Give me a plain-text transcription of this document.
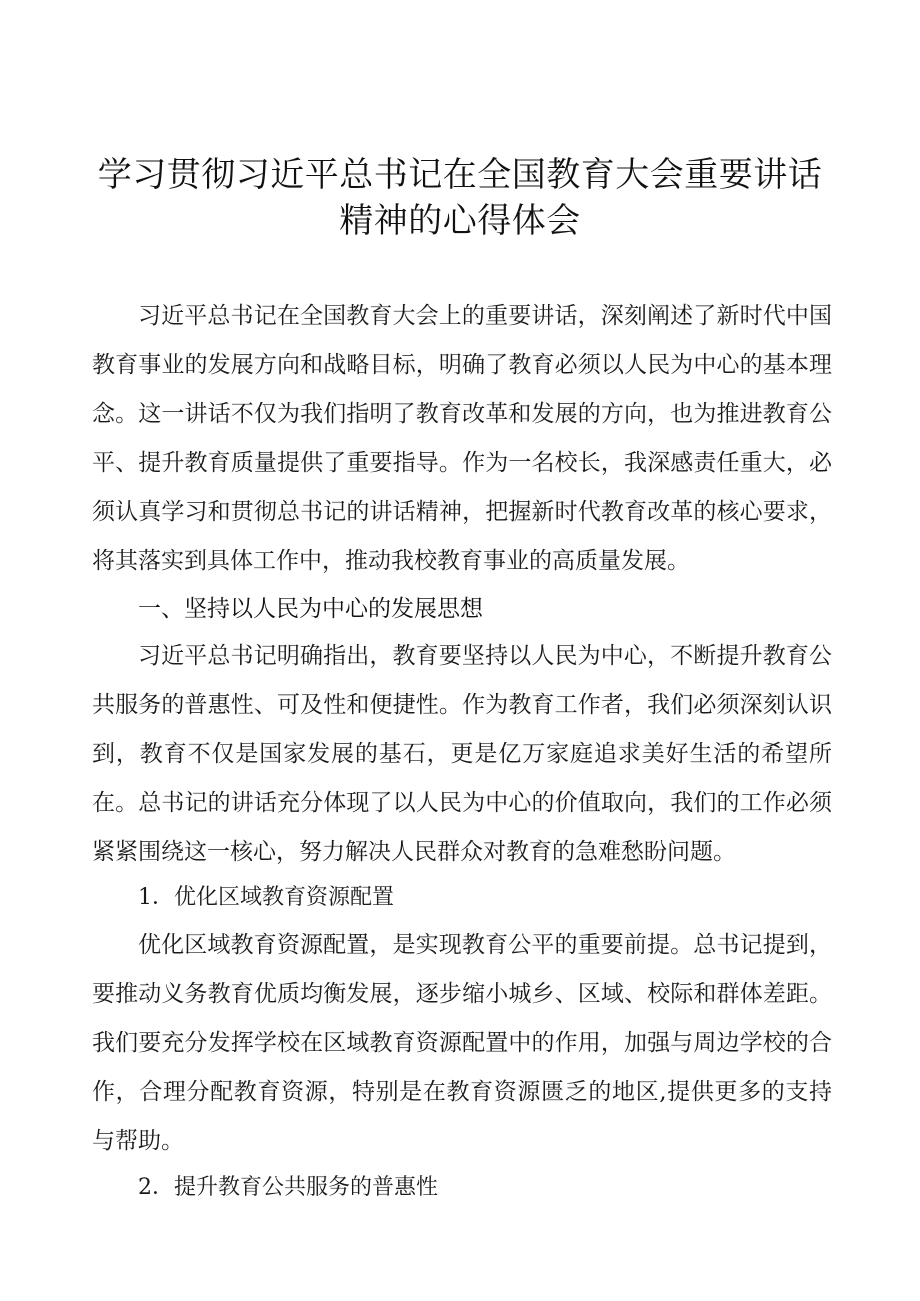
学习贯彻习近平总书记在全国教育大会重要讲话
精神的心得体会

习近平总书记在全国教育大会上的重要讲话，深刻阐述了新时代中国教育事业的发展方向和战略目标，明确了教育必须以人民为中心的基本理念。这一讲话不仅为我们指明了教育改革和发展的方向，也为推进教育公平、提升教育质量提供了重要指导。作为一名校长，我深感责任重大，必须认真学习和贯彻总书记的讲话精神，把握新时代教育改革的核心要求，将其落实到具体工作中，推动我校教育事业的高质量发展。

一、坚持以人民为中心的发展思想

习近平总书记明确指出，教育要坚持以人民为中心，不断提升教育公共服务的普惠性、可及性和便捷性。作为教育工作者，我们必须深刻认识到，教育不仅是国家发展的基石，更是亿万家庭追求美好生活的希望所在。总书记的讲话充分体现了以人民为中心的价值取向，我们的工作必须紧紧围绕这一核心，努力解决人民群众对教育的急难愁盼问题。

1．优化区域教育资源配置

优化区域教育资源配置，是实现教育公平的重要前提。总书记提到，要推动义务教育优质均衡发展，逐步缩小城乡、区域、校际和群体差距。我们要充分发挥学校在区域教育资源配置中的作用，加强与周边学校的合作，合理分配教育资源，特别是在教育资源匮乏的地区,提供更多的支持与帮助。

2．提升教育公共服务的普惠性
